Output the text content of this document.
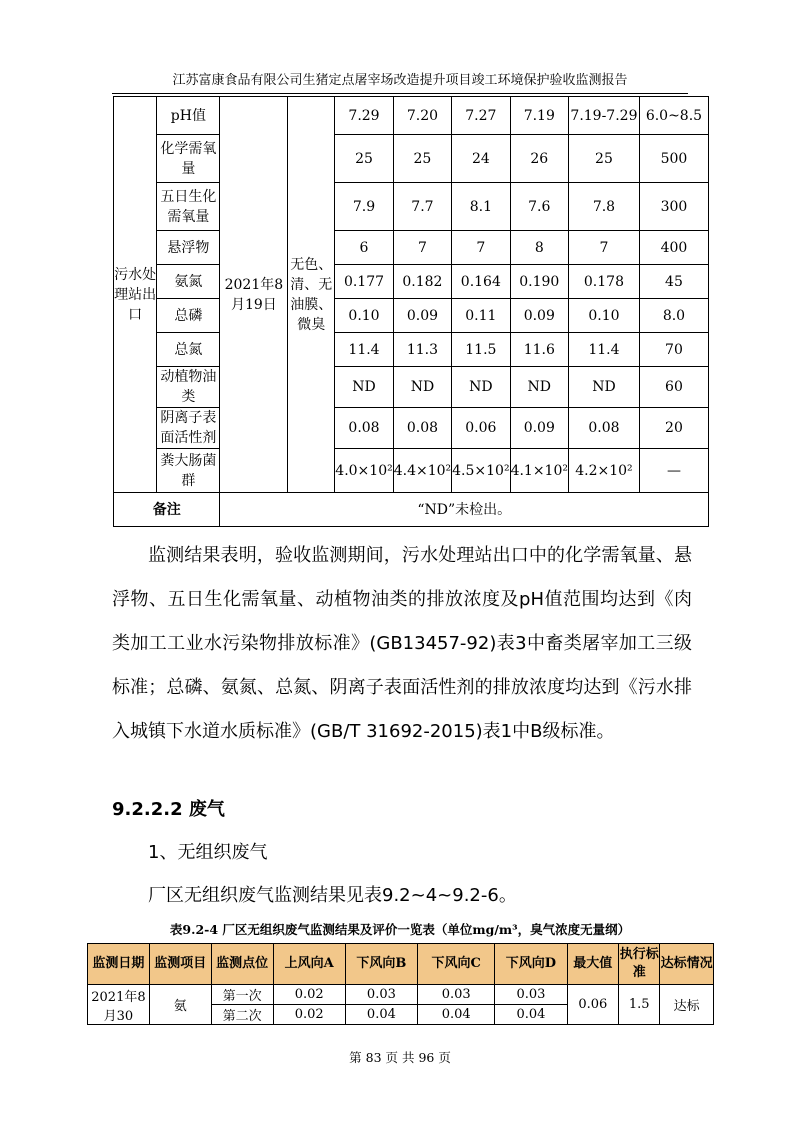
江苏富康食品有限公司生猪定点屠宰场改造提升项目竣工环境保护验收监测报告
污水处理站出口	pH值	2021年8月19日	无色、清、无油膜、微臭	7.29	7.20	7.27	7.19	7.19-7.29	6.0~8.5
	化学需氧量			25	25	24	26	25	500
	五日生化需氧量			7.9	7.7	8.1	7.6	7.8	300
	悬浮物			6	7	7	8	7	400
	氨氮			0.177	0.182	0.164	0.190	0.178	45
	总磷			0.10	0.09	0.11	0.09	0.10	8.0
	总氮			11.4	11.3	11.5	11.6	11.4	70
	动植物油类			ND	ND	ND	ND	ND	60
	阴离子表面活性剂			0.08	0.08	0.06	0.09	0.08	20
	粪大肠菌群			4.0×10²	4.4×10²	4.5×10²	4.1×10²	4.2×10²	—
备注		“ND”未检出。							

监测结果表明，验收监测期间，污水处理站出口中的化学需氧量、悬浮物、五日生化需氧量、动植物油类的排放浓度及pH值范围均达到《肉类加工工业水污染物排放标准》(GB13457-92)表3中畜类屠宰加工三级标准；总磷、氨氮、总氮、阴离子表面活性剂的排放浓度均达到《污水排入城镇下水道水质标准》(GB/T 31692-2015)表1中B级标准。

9.2.2.2 废气
1、无组织废气
厂区无组织废气监测结果见表9.2~4~9.2-6。
表9.2-4 厂区无组织废气监测结果及评价一览表（单位mg/m³，臭气浓度无量纲）
监测日期	监测项目	监测点位	上风向A	下风向B	下风向C	下风向D	最大值	执行标准	达标情况
2021年8月30	氨	第一次	0.02	0.03	0.03	0.03	0.06	1.5	达标
		第二次	0.02	0.04	0.04	0.04			
第 83 页 共 96 页
